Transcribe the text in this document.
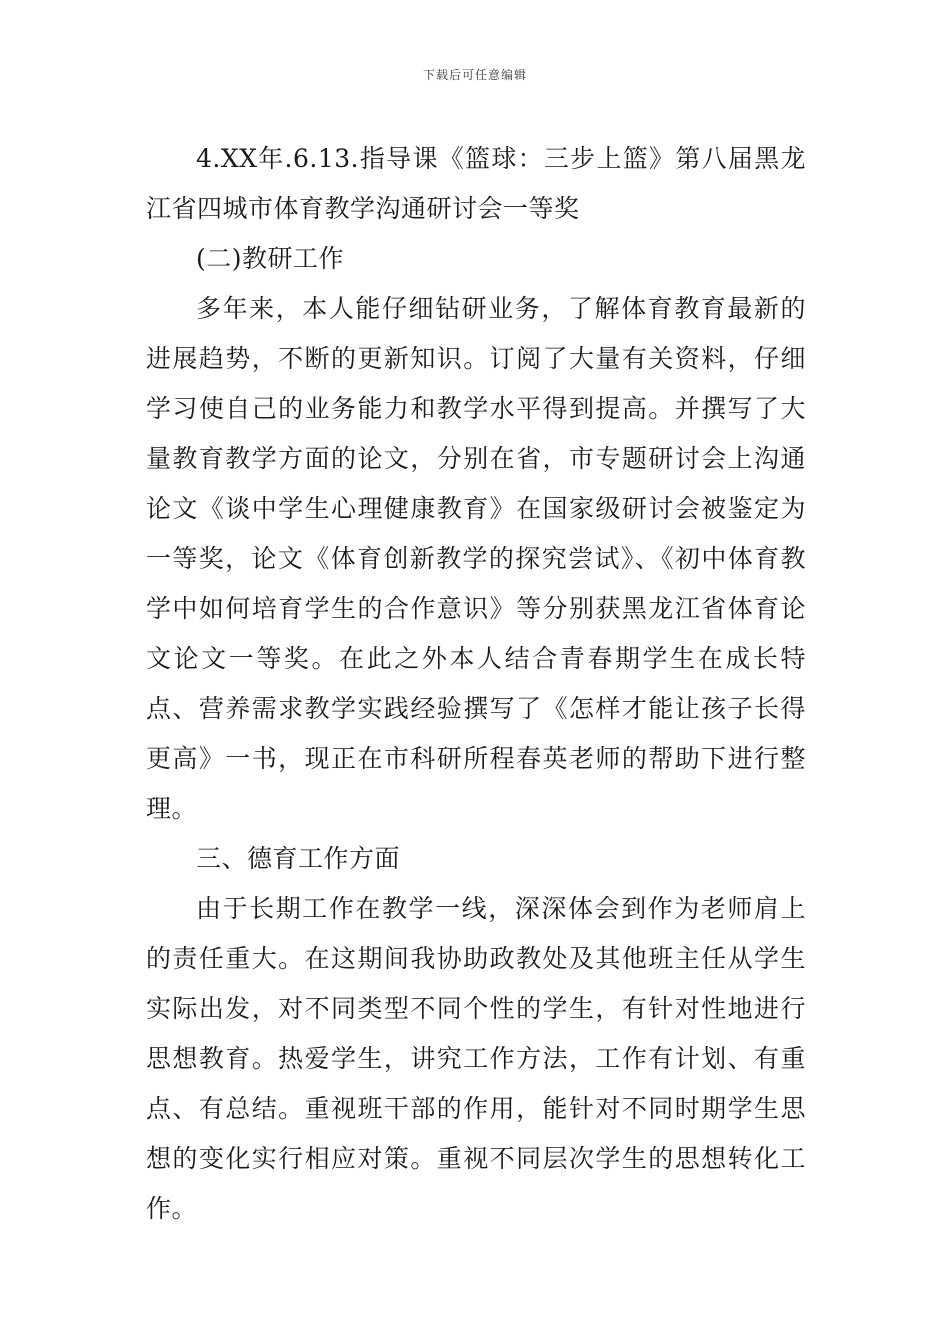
下载后可任意编辑

4.XX年.6.13.指导课《篮球：三步上篮》第八届黑龙江省四城市体育教学沟通研讨会一等奖

(二)教研工作

多年来，本人能仔细钻研业务，了解体育教育最新的进展趋势，不断的更新知识。订阅了大量有关资料，仔细学习使自己的业务能力和教学水平得到提高。并撰写了大量教育教学方面的论文，分别在省，市专题研讨会上沟通论文《谈中学生心理健康教育》在国家级研讨会被鉴定为一等奖，论文《体育创新教学的探究尝试》、《初中体育教学中如何培育学生的合作意识》等分别获黑龙江省体育论文论文一等奖。在此之外本人结合青春期学生在成长特点、营养需求教学实践经验撰写了《怎样才能让孩子长得更高》一书，现正在市科研所程春英老师的帮助下进行整理。

三、德育工作方面

由于长期工作在教学一线，深深体会到作为老师肩上的责任重大。在这期间我协助政教处及其他班主任从学生实际出发，对不同类型不同个性的学生，有针对性地进行思想教育。热爱学生，讲究工作方法，工作有计划、有重点、有总结。重视班干部的作用，能针对不同时期学生思想的变化实行相应对策。重视不同层次学生的思想转化工作。
